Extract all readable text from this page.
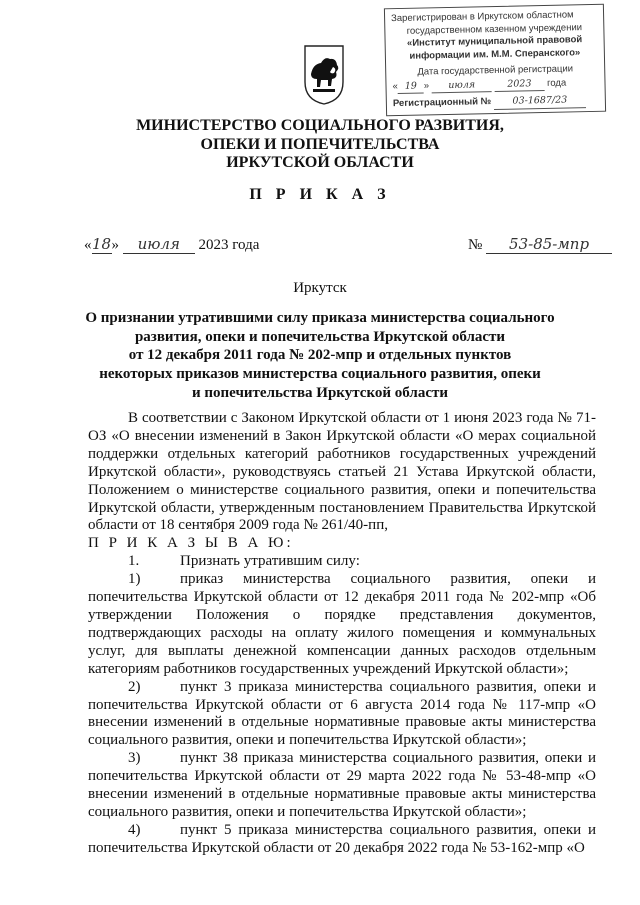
Зарегистрирован в Иркутском областном
государственном казенном учреждении
«Институт муниципальной правовой
информации им. М.М. Сперанского»
Дата государственной регистрации
« 19 » июля	2023 года
Регистрационный № 03-1687/23
МИНИСТЕРСТВО СОЦИАЛЬНОГО РАЗВИТИЯ,
ОПЕКИ И ПОПЕЧИТЕЛЬСТВА
ИРКУТСКОЙ ОБЛАСТИ
П Р И К А З
«18» июля 2023 года	№ 53-85-мпр
Иркутск
О признании утратившими силу приказа министерства социального
развития, опеки и попечительства Иркутской области
от 12 декабря 2011 года № 202-мпр и отдельных пунктов
некоторых приказов министерства социального развития, опеки
и попечительства Иркутской области
В соответствии с Законом Иркутской области от 1 июня 2023 года № 71-ОЗ «О внесении изменений в Закон Иркутской области «О мерах социальной поддержки отдельных категорий работников государственных учреждений Иркутской области», руководствуясь статьей 21 Устава Иркутской области, Положением о министерстве социального развития, опеки и попечительства Иркутской области, утвержденным постановлением Правительства Иркутской области от 18 сентября 2009 года № 261/40-пп,
П Р И К А З Ы В А Ю:
1.	Признать утратившим силу:
1)	приказ министерства социального развития, опеки и попечительства Иркутской области от 12 декабря 2011 года № 202-мпр «Об утверждении Положения о порядке представления документов, подтверждающих расходы на оплату жилого помещения и коммунальных услуг, для выплаты денежной компенсации данных расходов отдельным категориям работников государственных учреждений Иркутской области»;
2)	пункт 3 приказа министерства социального развития, опеки и попечительства Иркутской области от 6 августа 2014 года № 117-мпр «О внесении изменений в отдельные нормативные правовые акты министерства социального развития, опеки и попечительства Иркутской области»;
3)	пункт 38 приказа министерства социального развития, опеки и попечительства Иркутской области от 29 марта 2022 года № 53-48-мпр «О внесении изменений в отдельные нормативные правовые акты министерства социального развития, опеки и попечительства Иркутской области»;
4)	пункт 5 приказа министерства социального развития, опеки и попечительства Иркутской области от 20 декабря 2022 года № 53-162-мпр «О
